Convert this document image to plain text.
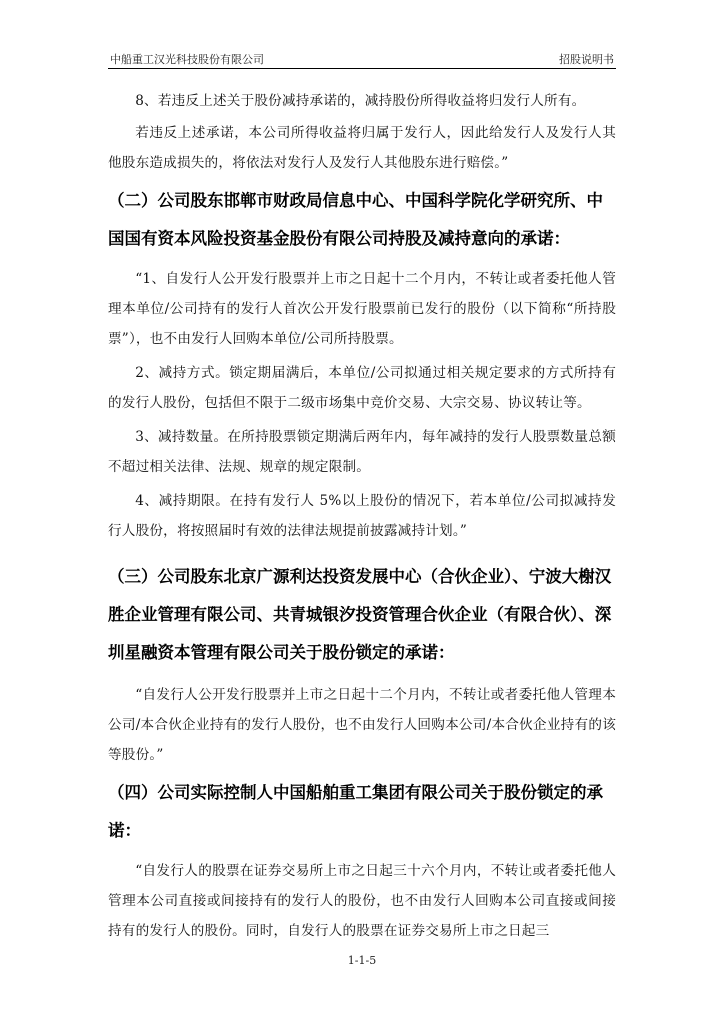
中船重工汉光科技股份有限公司	招股说明书

8、若违反上述关于股份减持承诺的，减持股份所得收益将归发行人所有。

若违反上述承诺，本公司所得收益将归属于发行人，因此给发行人及发行人其他股东造成损失的，将依法对发行人及发行人其他股东进行赔偿。”

（二）公司股东邯郸市财政局信息中心、中国科学院化学研究所、中国国有资本风险投资基金股份有限公司持股及减持意向的承诺：

“1、自发行人公开发行股票并上市之日起十二个月内，不转让或者委托他人管理本单位/公司持有的发行人首次公开发行股票前已发行的股份（以下简称“所持股票”），也不由发行人回购本单位/公司所持股票。

2、减持方式。锁定期届满后，本单位/公司拟通过相关规定要求的方式所持有的发行人股份，包括但不限于二级市场集中竞价交易、大宗交易、协议转让等。

3、减持数量。在所持股票锁定期满后两年内，每年减持的发行人股票数量总额不超过相关法律、法规、规章的规定限制。

4、减持期限。在持有发行人 5%以上股份的情况下，若本单位/公司拟减持发行人股份，将按照届时有效的法律法规提前披露减持计划。”

（三）公司股东北京广源利达投资发展中心（合伙企业）、宁波大榭汉胜企业管理有限公司、共青城银汐投资管理合伙企业（有限合伙）、深圳星融资本管理有限公司关于股份锁定的承诺：

“自发行人公开发行股票并上市之日起十二个月内，不转让或者委托他人管理本公司/本合伙企业持有的发行人股份，也不由发行人回购本公司/本合伙企业持有的该等股份。”

（四）公司实际控制人中国船舶重工集团有限公司关于股份锁定的承诺：

“自发行人的股票在证券交易所上市之日起三十六个月内，不转让或者委托他人管理本公司直接或间接持有的发行人的股份，也不由发行人回购本公司直接或间接持有的发行人的股份。同时，自发行人的股票在证券交易所上市之日起三

1-1-5
